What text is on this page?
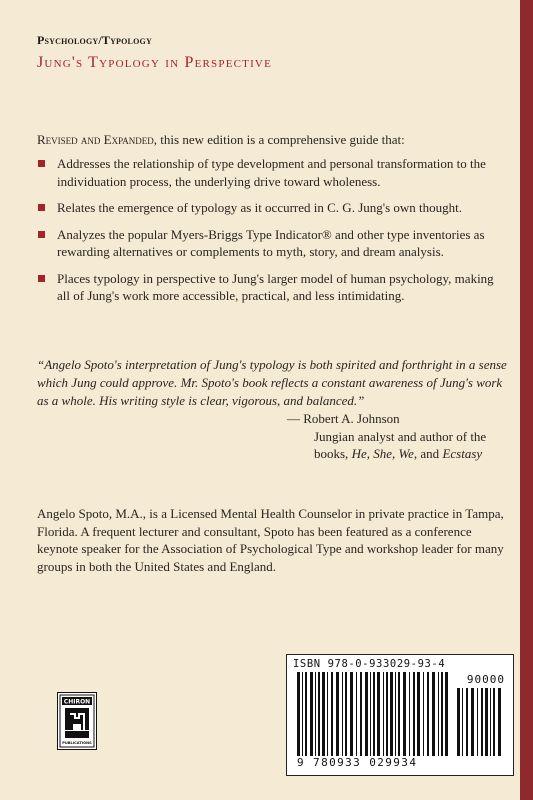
Psychology/Typology
Jung's Typology in Perspective
Revised and Expanded, this new edition is a comprehensive guide that:
Addresses the relationship of type development and personal transformation to the individuation process, the underlying drive toward wholeness.
Relates the emergence of typology as it occurred in C. G. Jung's own thought.
Analyzes the popular Myers-Briggs Type Indicator® and other type inventories as rewarding alternatives or complements to myth, story, and dream analysis.
Places typology in perspective to Jung's larger model of human psychology, making all of Jung's work more accessible, practical, and less intimidating.
“Angelo Spoto's interpretation of Jung's typology is both spirited and forthright in a sense which Jung could approve. Mr. Spoto's book reflects a constant awareness of Jung's work as a whole. His writing style is clear, vigorous, and balanced.”
— Robert A. Johnson
Jungian analyst and author of the
books, He, She, We, and Ecstasy
Angelo Spoto, M.A., is a Licensed Mental Health Counselor in private practice in Tampa, Florida. A frequent lecturer and consultant, Spoto has been featured as a conference keynote speaker for the Association of Psychological Type and workshop leader for many groups in both the United States and England.
CHIRON
PUBLICATIONS
ISBN 978-0-933029-93-4
90000
9 780933 029934
